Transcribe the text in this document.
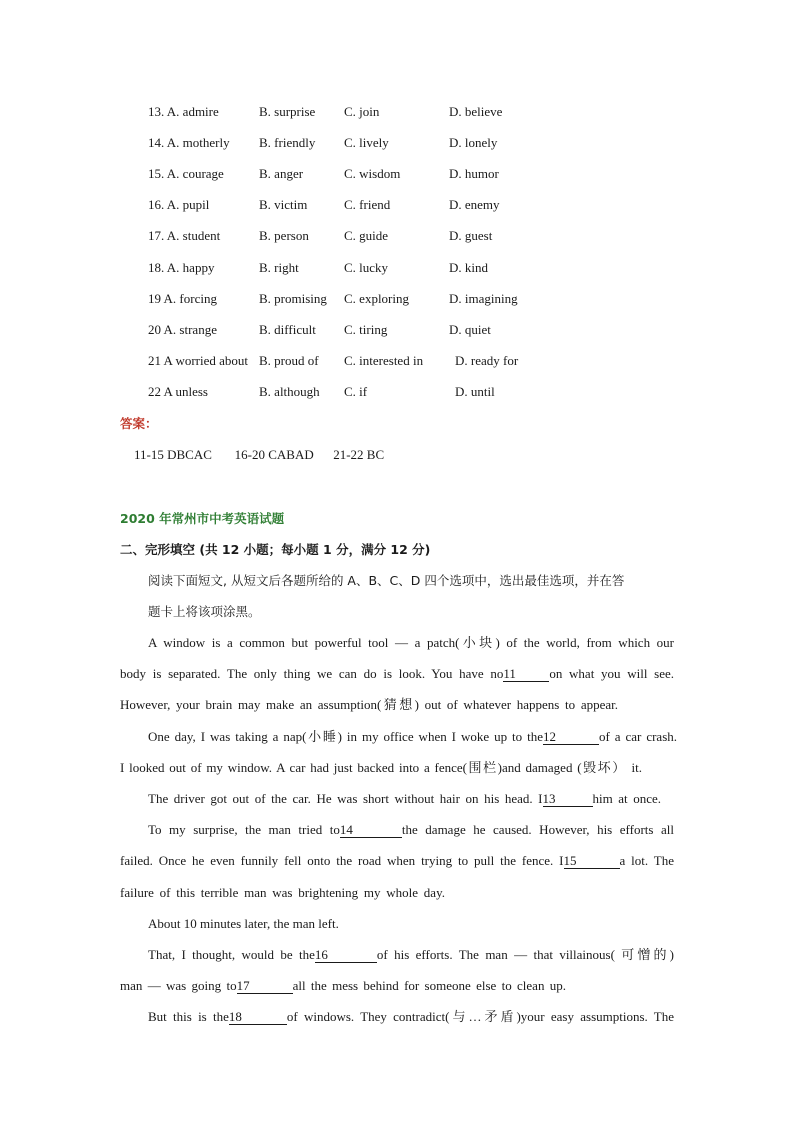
13. A. admire	B. surprise C. join	D. believe
14. A. motherly B. friendly C. lively	D. lonely
15. A. courage	B. anger	C. wisdom	D. humor
16. A. pupil	B. victim	C. friend	D. enemy
17. A. student	B. person	C. guide	D. guest
18. A. happy	B. right	C. lucky	D. kind
19 A. forcing	B. promising C. exploring	D. imagining
20 A. strange	B. difficult C. tiring	D. quiet
21 A worried about B. proud of C. interested in D. ready for
22 A unless	B. although C. if	D. until
答案：
11-15 DBCAC       16-20 CABAD      21-22 BC
2020 年常州市中考英语试题
二、完形填空 (共 12 小题；每小题 1 分，满分 12 分)
阅读下面短文, 从短文后各题所给的 A、B、C、D 四个选项中，选出最佳选项，并在答
题卡上将该项涂黑。
A window is a common but powerful tool — a patch(小块) of the world, from which our
body is separated. The only thing we can do is look. You have no11	on what you will see.
However, your brain may make an assumption(猜想) out of whatever happens to appear.
One day, I was taking a nap(小睡) in my office when I woke up to the12	of a car crash.
I looked out of my window. A car had just backed into a fence(围栏)and damaged (毁坏） it.
The driver got out of the car. He was short without hair on his head. I13	him at once.
To my surprise, the man tried to14	the damage he caused. However, his efforts all
failed. Once he even funnily fell onto the road when trying to pull the fence. I15	a lot. The
failure of this terrible man was brightening my whole day.
About 10 minutes later, the man left.
That, I thought, would be the16	of his efforts. The man — that villainous( 可憎的)
man — was going to17	all the mess behind for someone else to clean up.
But this is the18	of windows. They contradict(与…矛盾)your easy assumptions. The
